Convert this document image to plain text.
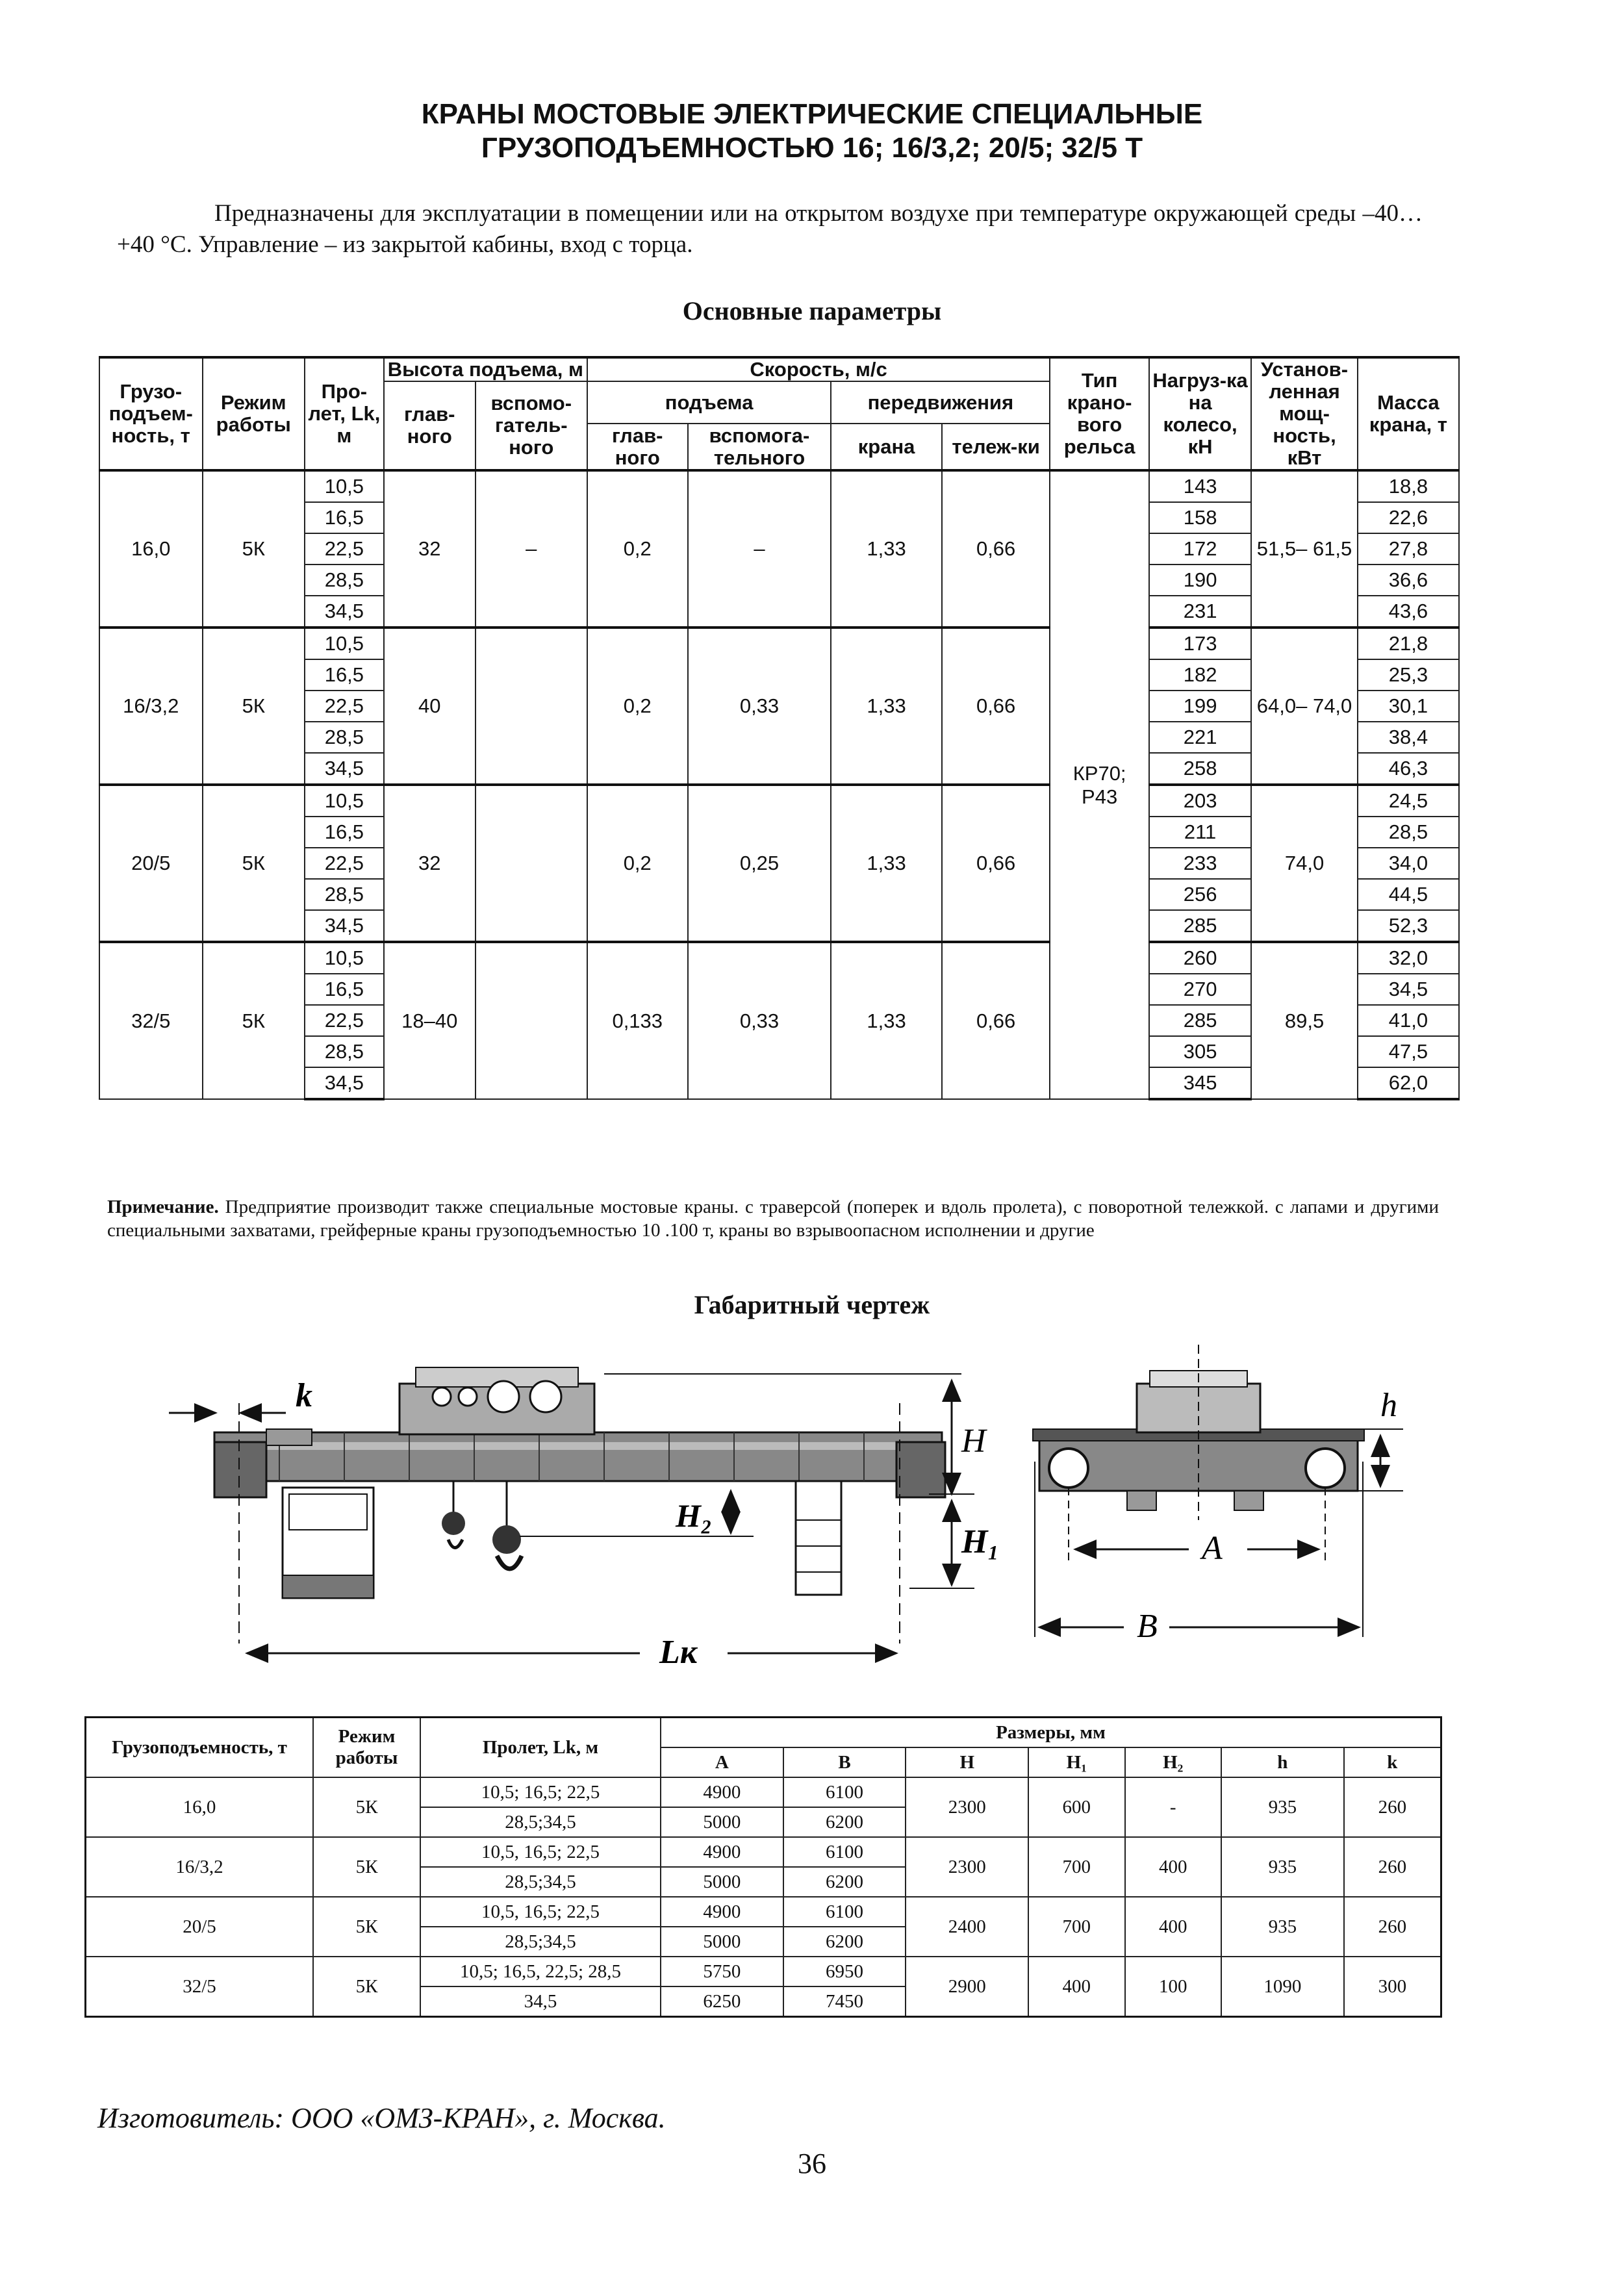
КРАНЫ МОСТОВЫЕ ЭЛЕКТРИЧЕСКИЕ СПЕЦИАЛЬНЫЕ
ГРУЗОПОДЪЕМНОСТЬЮ 16; 16/3,2; 20/5; 32/5 Т
Предназначены для эксплуатации в помещении или на открытом воздухе при температуре окружающей среды –40…+40 °С. Управление – из закрытой кабины, вход с торца.
Основные параметры
Грузо-подъем-ность, т	Режим работы	Про-лет, Lk, м	Высота подъема, м		Скорость, м/с				Тип крано-вого рельса	Нагруз-ка на колесо, кН	Установ-ленная мощ-ность, кВт	Масса крана, т
			глав-ного	вспомо-гатель-ного	подъема		передвижения					
					глав-ного	вспомога-тельного	крана	тележ-ки				
16,0	5К	10,5	32	–	0,2	–	1,33	0,66	КР70; Р43	143	51,5– 61,5	18,8
		16,5								158		22,6
		22,5								172		27,8
		28,5								190		36,6
		34,5								231		43,6
16/3,2	5К	10,5	40		0,2	0,33	1,33	0,66		173	64,0– 74,0	21,8
		16,5								182		25,3
		22,5								199		30,1
		28,5								221		38,4
		34,5								258		46,3
20/5	5К	10,5	32		0,2	0,25	1,33	0,66		203	74,0	24,5
		16,5								211		28,5
		22,5								233		34,0
		28,5								256		44,5
		34,5								285		52,3
32/5	5К	10,5	18–40		0,133	0,33	1,33	0,66		260	89,5	32,0
		16,5								270		34,5
		22,5								285		41,0
		28,5								305		47,5
		34,5								345		62,0
Примечание. Предприятие производит также специальные мостовые краны. с траверсой (поперек и вдоль пролета), с поворотной тележкой. с лапами и другими специальными захватами, грейферные краны грузоподъемностью 10 .100 т, краны во взрывоопасном исполнении и другие
Габаритный чертеж
k
H
H₁
H₂
Lк
h
A
B
Грузоподъемность, т	Режим работы	Пролет, Lk, м	Размеры, мм						
			A	B	H	H₁	H₂	h	k
16,0	5К	10,5; 16,5; 22,5	4900	6100	2300	600	-	935	260
		28,5;34,5	5000	6200					
16/3,2	5К	10,5, 16,5; 22,5	4900	6100	2300	700	400	935	260
		28,5;34,5	5000	6200					
20/5	5К	10,5, 16,5; 22,5	4900	6100	2400	700	400	935	260
		28,5;34,5	5000	6200					
32/5	5К	10,5; 16,5, 22,5; 28,5	5750	6950	2900	400	100	1090	300
		34,5	6250	7450					
Изготовитель: ООО «ОМЗ-КРАН», г. Москва.
36
